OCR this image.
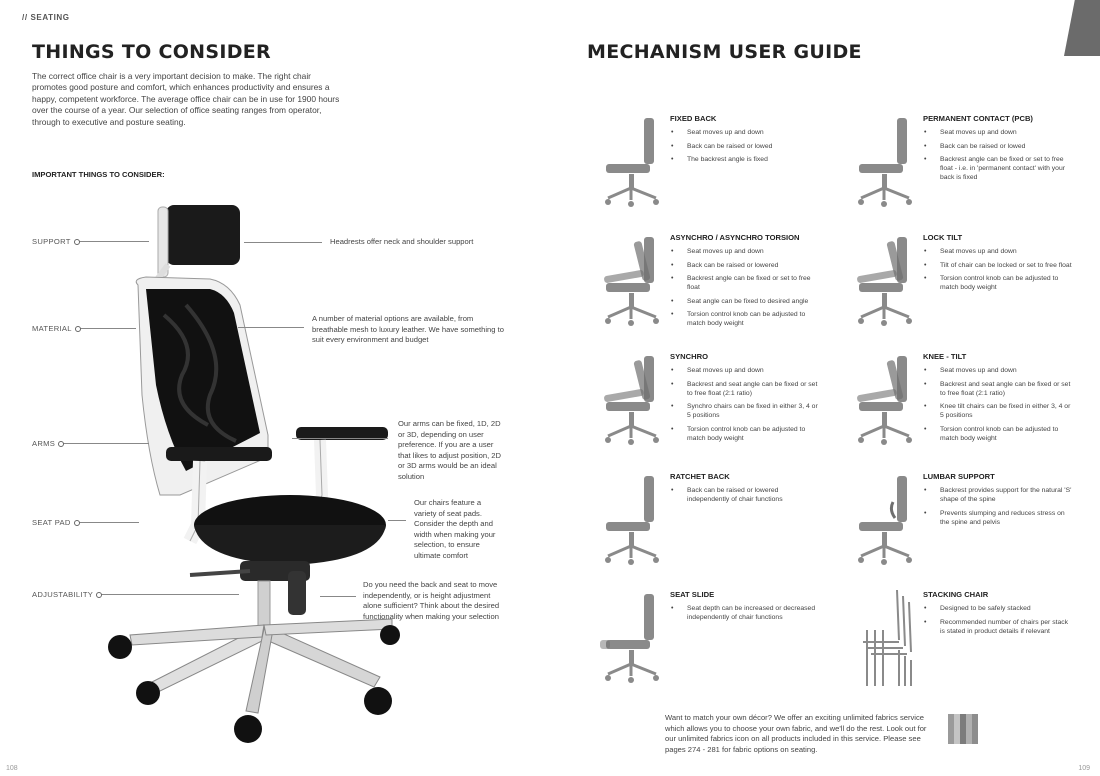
// SEATING
THINGS TO CONSIDER
The correct office chair is a very important decision to make. The right chair promotes good posture and comfort, which enhances productivity and ensures a happy, competent workforce. The average office chair can be in use for 1900 hours over the course of a year. Our selection of office seating ranges from operator, through to executive and posture seating.
IMPORTANT THINGS TO CONSIDER:
SUPPORT	Headrests offer neck and shoulder support
MATERIAL
A number of material options are available, from breathable mesh to luxury leather. We have something to suit every environment and budget
ARMS
Our arms can be fixed, 1D, 2D or 3D, depending on user preference. If you are a user that likes to adjust position, 2D or 3D arms would be an ideal solution
SEAT PAD
Our chairs feature a variety of seat pads. Consider the depth and width when making your selection, to ensure ultimate comfort
ADJUSTABILITY
Do you need the back and seat to move independently, or is height adjustment alone sufficient? Think about the desired functionality when making your selection
108
MECHANISM USER GUIDE
FIXED BACK
• Seat moves up and down
• Back can be raised or lowed
• The backrest angle is fixed
PERMANENT CONTACT (PCB)
• Seat moves up and down
• Back can be raised or lowed
• Backrest angle can be fixed or set to free float - i.e. in 'permanent contact' with your back is fixed
ASYNCHRO / ASYNCHRO TORSION
• Seat moves up and down
• Back can be raised or lowered
• Backrest angle can be fixed or set to free float
• Seat angle can be fixed to desired angle
• Torsion control knob can be adjusted to match body weight
LOCK TILT
• Seat moves up and down
• Tilt of chair can be locked or set to free float
• Torsion control knob can be adjusted to match body weight
SYNCHRO
• Seat moves up and down
• Backrest and seat angle can be fixed or set to free float (2:1 ratio)
• Synchro chairs can be fixed in either 3, 4 or 5 positions
• Torsion control knob can be adjusted to match body weight
KNEE - TILT
• Seat moves up and down
• Backrest and seat angle can be fixed or set to free float (2:1 ratio)
• Knee tilt chairs can be fixed in either 3, 4 or 5 positions
• Torsion control knob can be adjusted to match body weight
RATCHET BACK
• Back can be raised or lowered independently of chair functions
LUMBAR SUPPORT
• Backrest provides support for the natural 'S' shape of the spine
• Prevents slumping and reduces stress on the spine and pelvis
SEAT SLIDE
• Seat depth can be increased or decreased independently of chair functions
STACKING CHAIR
• Designed to be safely stacked
• Recommended number of chairs per stack is stated in product details if relevant
Want to match your own décor? We offer an exciting unlimited fabrics service which allows you to choose your own fabric, and we'll do the rest. Look out for our unlimited fabrics icon on all products included in this service. Please see pages 274 - 281 for fabric options on seating.
109
